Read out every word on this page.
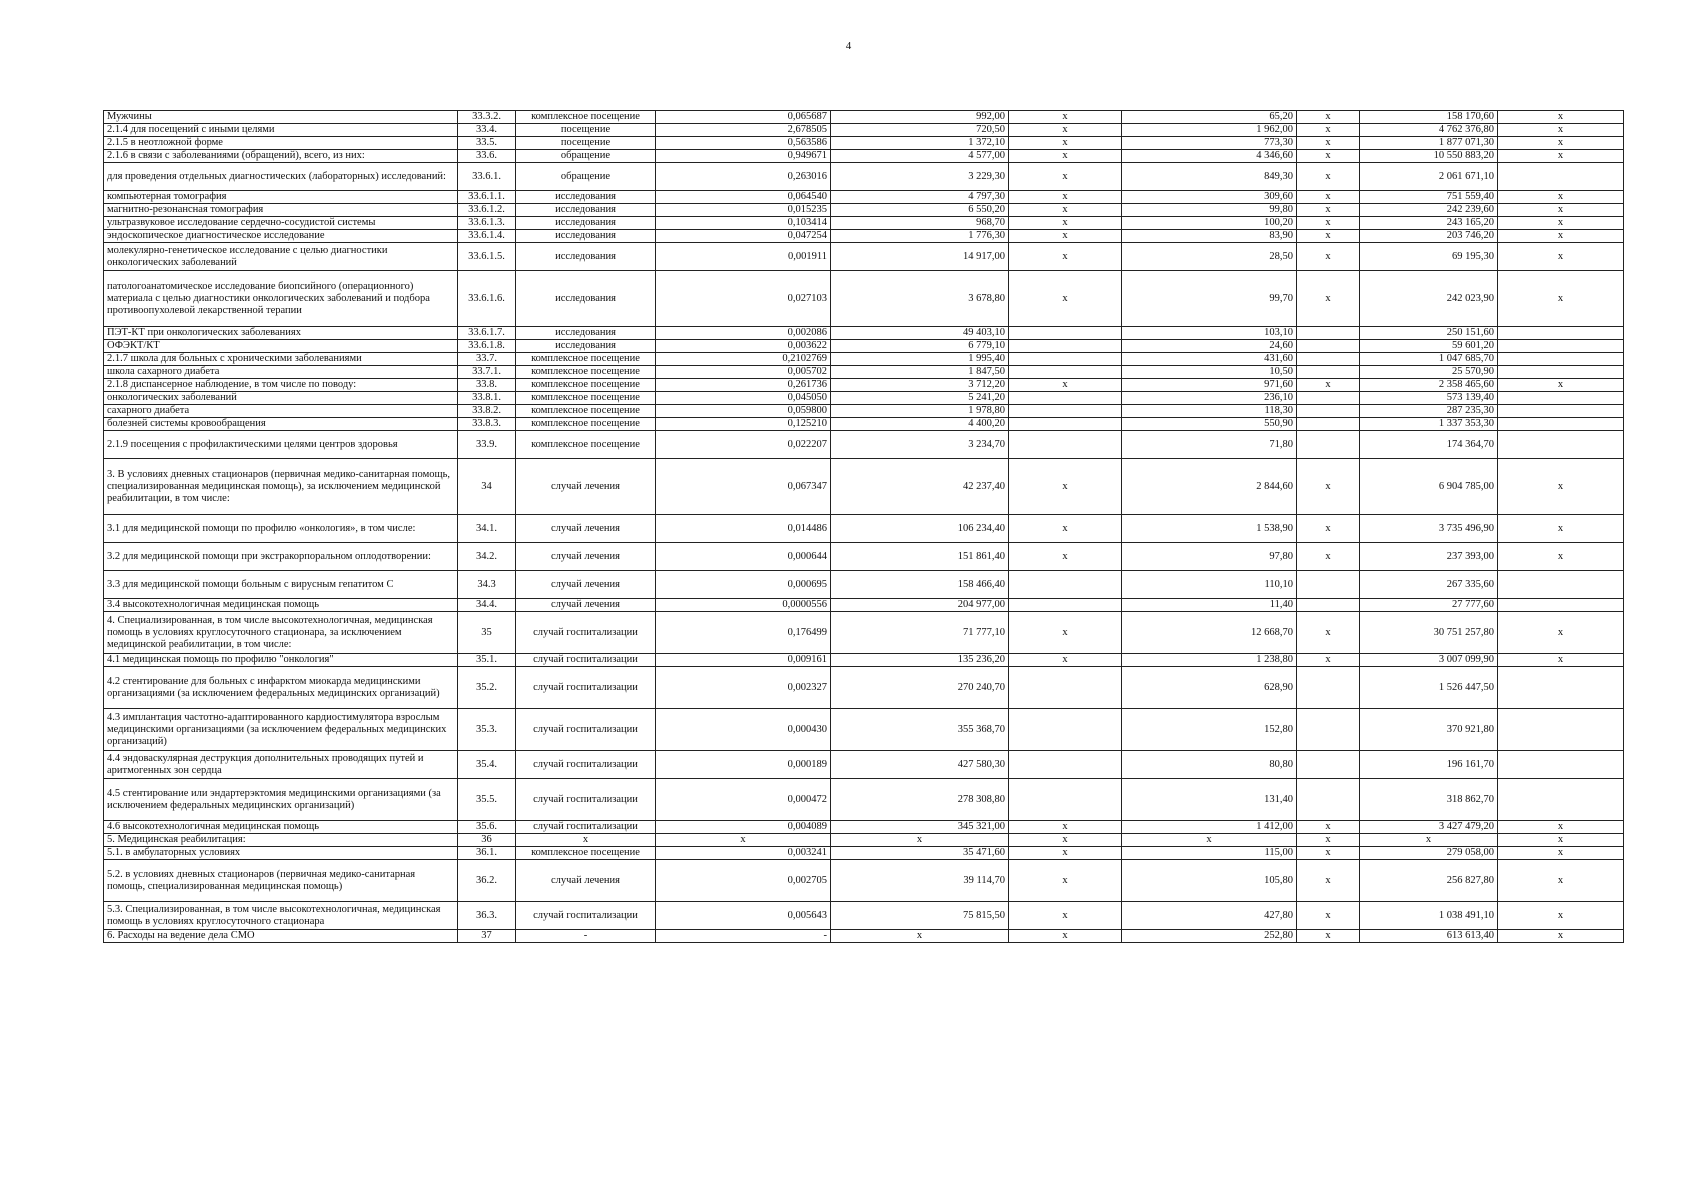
4
Мужчины	33.3.2.	комплексное посещение	0,065687	992,00	х	65,20	х	158 170,60	х
2.1.4 для посещений с иными целями	33.4.	посещение	2,678505	720,50	х	1 962,00	х	4 762 376,80	х
2.1.5 в неотложной форме	33.5.	посещение	0,563586	1 372,10	х	773,30	х	1 877 071,30	х
2.1.6 в связи с заболеваниями (обращений), всего, из них:	33.6.	обращение	0,949671	4 577,00	х	4 346,60	х	10 550 883,20	х
для проведения отдельных диагностических (лабораторных) исследований:	33.6.1.	обращение	0,263016	3 229,30	х	849,30	х	2 061 671,10	
компьютерная томография	33.6.1.1.	исследования	0,064540	4 797,30	х	309,60	х	751 559,40	х
магнитно-резонансная томография	33.6.1.2.	исследования	0,015235	6 550,20	х	99,80	х	242 239,60	х
ультразвуковое исследование сердечно-сосудистой системы	33.6.1.3.	исследования	0,103414	968,70	х	100,20	х	243 165,20	х
эндоскопическое диагностическое исследование	33.6.1.4.	исследования	0,047254	1 776,30	х	83,90	х	203 746,20	х
молекулярно-генетическое исследование с целью диагностики онкологических заболеваний	33.6.1.5.	исследования	0,001911	14 917,00	х	28,50	х	69 195,30	х
патологоанатомическое исследование биопсийного (операционного) материала с целью диагностики онкологических заболеваний и подбора противоопухолевой лекарственной терапии	33.6.1.6.	исследования	0,027103	3 678,80	х	99,70	х	242 023,90	х
ПЭТ-КТ при онкологических заболеваниях	33.6.1.7.	исследования	0,002086	49 403,10		103,10		250 151,60	
ОФЭКТ/КТ	33.6.1.8.	исследования	0,003622	6 779,10		24,60		59 601,20	
2.1.7 школа для больных с хроническими заболеваниями	33.7.	комплексное посещение	0,2102769	1 995,40		431,60		1 047 685,70	
школа сахарного диабета	33.7.1.	комплексное посещение	0,005702	1 847,50		10,50		25 570,90	
2.1.8 диспансерное наблюдение, в том числе по поводу:	33.8.	комплексное посещение	0,261736	3 712,20	х	971,60	х	2 358 465,60	х
онкологических заболеваний	33.8.1.	комплексное посещение	0,045050	5 241,20		236,10		573 139,40	
сахарного диабета	33.8.2.	комплексное посещение	0,059800	1 978,80		118,30		287 235,30	
болезней системы кровообращения	33.8.3.	комплексное посещение	0,125210	4 400,20		550,90		1 337 353,30	
2.1.9 посещения с профилактическими целями центров здоровья	33.9.	комплексное посещение	0,022207	3 234,70		71,80		174 364,70	
3. В условиях дневных стационаров (первичная медико-санитарная помощь, специализированная медицинская помощь), за исключением медицинской реабилитации, в том числе:	34	случай лечения	0,067347	42 237,40	х	2 844,60	х	6 904 785,00	х
3.1 для медицинской помощи по профилю «онкология», в том числе:	34.1.	случай лечения	0,014486	106 234,40	х	1 538,90	х	3 735 496,90	х
3.2 для медицинской помощи при экстракорпоральном оплодотворении:	34.2.	случай лечения	0,000644	151 861,40	х	97,80	х	237 393,00	х
3.3 для медицинской помощи больным с вирусным гепатитом С	34.3	случай лечения	0,000695	158 466,40		110,10		267 335,60	
3.4 высокотехнологичная медицинская помощь	34.4.	случай лечения	0,0000556	204 977,00		11,40		27 777,60	
4. Специализированная, в том числе высокотехнологичная, медицинская помощь в условиях круглосуточного стационара, за исключением медицинской реабилитации, в том числе:	35	случай госпитализации	0,176499	71 777,10	х	12 668,70	х	30 751 257,80	х
4.1 медицинская помощь по профилю "онкология"	35.1.	случай госпитализации	0,009161	135 236,20	х	1 238,80	х	3 007 099,90	х
4.2 стентирование для больных с инфарктом миокарда медицинскими организациями (за исключением федеральных медицинских организаций)	35.2.	случай госпитализации	0,002327	270 240,70		628,90		1 526 447,50	
4.3 имплантация частотно-адаптированного кардиостимулятора взрослым медицинскими организациями (за исключением федеральных медицинских организаций)	35.3.	случай госпитализации	0,000430	355 368,70		152,80		370 921,80	
4.4 эндоваскулярная деструкция дополнительных проводящих путей и аритмогенных зон сердца	35.4.	случай госпитализации	0,000189	427 580,30		80,80		196 161,70	
4.5 стентирование или эндартерэктомия медицинскими организациями (за исключением федеральных медицинских организаций)	35.5.	случай госпитализации	0,000472	278 308,80		131,40		318 862,70	
4.6 высокотехнологичная медицинская помощь	35.6.	случай госпитализации	0,004089	345 321,00	х	1 412,00	х	3 427 479,20	х
5. Медицинская реабилитация:	36	х	х	х	х	х	х	х	х
5.1. в амбулаторных условиях	36.1.	комплексное посещение	0,003241	35 471,60	х	115,00	х	279 058,00	х
5.2. в условиях дневных стационаров (первичная медико-санитарная помощь, специализированная медицинская помощь)	36.2.	случай лечения	0,002705	39 114,70	х	105,80	х	256 827,80	х
5.3. Специализированная, в том числе высокотехнологичная, медицинская помощь в условиях круглосуточного стационара	36.3.	случай госпитализации	0,005643	75 815,50	х	427,80	х	1 038 491,10	х
6. Расходы на ведение дела СМО	37	-	-	х	х	252,80	х	613 613,40	х
